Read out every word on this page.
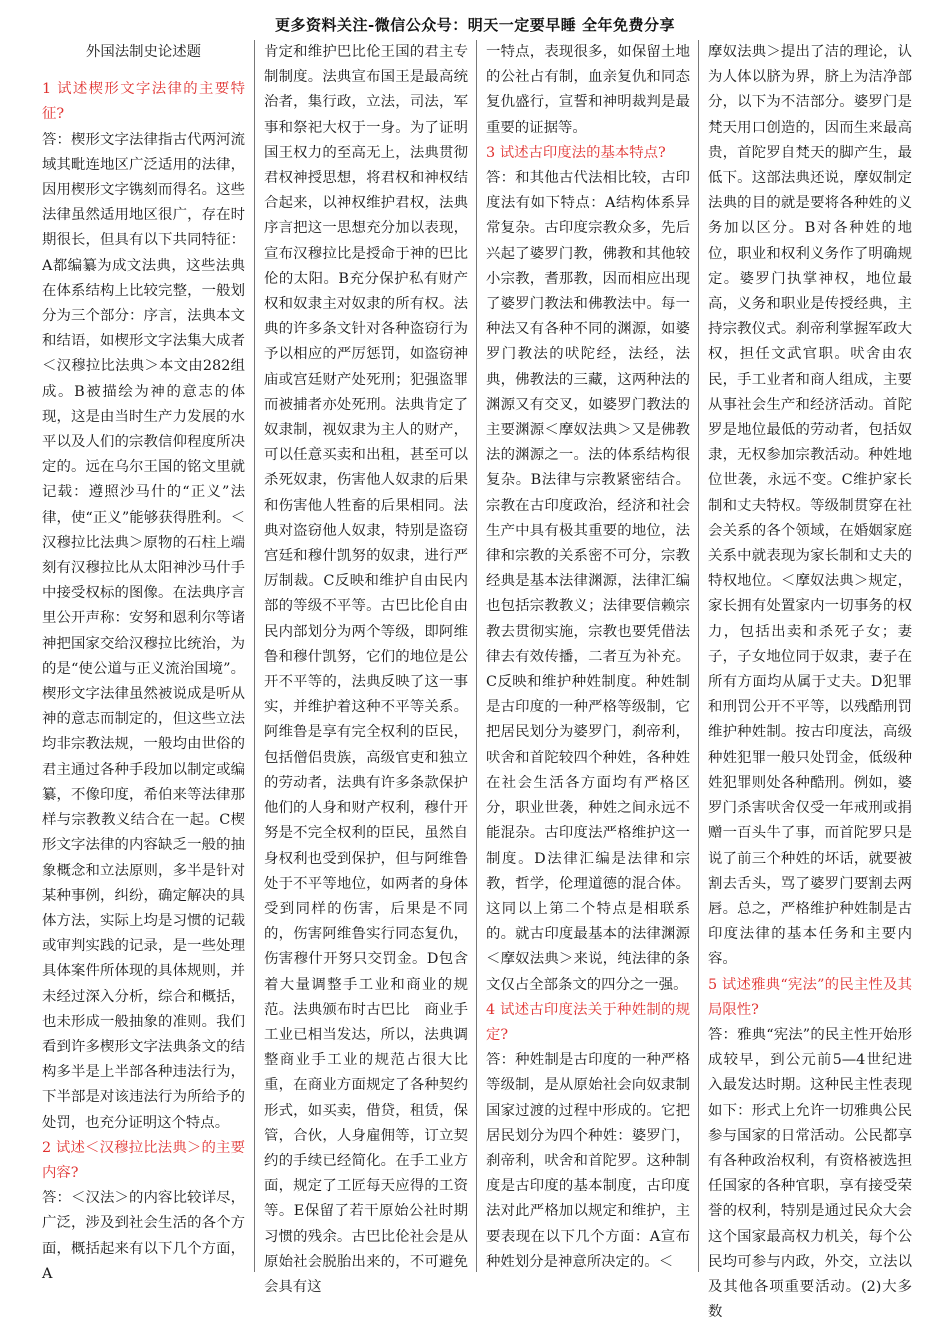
更多资料关注-微信公众号：明天一定要早睡 全年免费分享

外国法制史论述题

1 试述楔形文字法律的主要特征?

答：楔形文字法律指古代两河流域其毗连地区广泛适用的法律，因用楔形文字镌刻而得名。这些法律虽然适用地区很广，存在时期很长，但具有以下共同特征：A都编纂为成文法典，这些法典在体系结构上比较完整，一般划分为三个部分：序言，法典本文和结语，如楔形文字法集大成者＜汉穆拉比法典＞本文由282组成。B被描绘为神的意志的体现，这是由当时生产力发展的水平以及人们的宗教信仰程度所决定的。远在乌尔王国的铭文里就记载：遵照沙马什的“正义”法律，使“正义”能够获得胜利。＜汉穆拉比法典＞原物的石柱上端刻有汉穆拉比从太阳神沙马什手中接受权标的图像。在法典序言里公开声称：安努和恩利尔等诸神把国家交给汉穆拉比统治，为的是“使公道与正义流治国境”。楔形文字法律虽然被说成是听从神的意志而制定的，但这些立法均非宗教法规，一般均由世俗的君主通过各种手段加以制定或编纂，不像印度，希伯来等法律那样与宗教教义结合在一起。C楔形文字法律的内容缺乏一般的抽象概念和立法原则，多半是针对某种事例，纠纷，确定解决的具体方法，实际上均是习惯的记载或审判实践的记录，是一些处理具体案件所体现的具体规则，并未经过深入分析，综合和概括，也未形成一般抽象的准则。我们看到许多楔形文字法典条文的结构多半是上半部各种违法行为，下半部是对该违法行为所给予的处罚，也充分证明这个特点。

2 试述＜汉穆拉比法典＞的主要内容?

答：＜汉法＞的内容比较详尽，广泛，涉及到社会生活的各个方面，概括起来有以下几个方面，A

肯定和维护巴比伦王国的君主专制制度。法典宣布国王是最高统治者，集行政，立法，司法，军事和祭祀大权于一身。为了证明国王权力的至高无上，法典贯彻君权神授思想，将君权和神权结合起来，以神权维护君权，法典序言把这一思想充分加以表现，宣布汉穆拉比是授命于神的巴比伦的太阳。B充分保护私有财产权和奴隶主对奴隶的所有权。法典的许多条文针对各种盗窃行为予以相应的严厉惩罚，如盗窃神庙或宫廷财产处死刑；犯强盗罪而被捕者亦处死刑。法典肯定了奴隶制，视奴隶为主人的财产，可以任意买卖和出租，甚至可以杀死奴隶，伤害他人奴隶的后果和伤害他人牲畜的后果相同。法典对盗窃他人奴隶，特别是盗窃宫廷和穆什凯努的奴隶，进行严厉制裁。C反映和维护自由民内部的等级不平等。古巴比伦自由民内部划分为两个等级，即阿维鲁和穆什凯努，它们的地位是公开不平等的，法典反映了这一事实，并维护着这种不平等关系。阿维鲁是享有完全权利的臣民，包括僧侣贵族，高级官吏和独立的劳动者，法典有许多条款保护他们的人身和财产权利，穆什开努是不完全权利的臣民，虽然自身权利也受到保护，但与阿维鲁处于不平等地位，如两者的身体受到同样的伤害，后果是不同的，伤害阿维鲁实行同态复仇，伤害穆什开努只交罚金。D包含着大量调整手工业和商业的规范。法典颁布时古巴比　商业手工业已相当发达，所以，法典调整商业手工业的规范占很大比重，在商业方面规定了各种契约形式，如买卖，借贷，租赁，保管，合伙，人身雇佣等，订立契约的手续已经简化。在手工业方面，规定了工匠每天应得的工资等。E保留了若干原始公社时期习惯的残余。古巴比伦社会是从原始社会脱胎出来的，不可避免会具有这

一特点，表现很多，如保留土地的公社占有制，血亲复仇和同态复仇盛行，宣誓和神明裁判是最重要的证据等。

3 试述古印度法的基本特点?

答：和其他古代法相比较，古印度法有如下特点：A结构体系异常复杂。古印度宗教众多，先后兴起了婆罗门教，佛教和其他较小宗教，耆那教，因而相应出现了婆罗门教法和佛教法中。每一种法又有各种不同的渊源，如婆罗门教法的吠陀经，法经，法典，佛教法的三藏，这两种法的渊源又有交叉，如婆罗门教法的主要渊源＜摩奴法典＞又是佛教法的渊源之一。法的体系结构很复杂。B法律与宗教紧密结合。宗教在古印度政治，经济和社会生产中具有极其重要的地位，法律和宗教的关系密不可分，宗教经典是基本法律渊源，法律汇编也包括宗教教义；法律要信赖宗教去贯彻实施，宗教也要凭借法律去有效传播，二者互为补充。C反映和维护种姓制度。种姓制是古印度的一种严格等级制，它把居民划分为婆罗门，刹帝利，吠舍和首陀较四个种姓，各种姓在社会生活各方面均有严格区分，职业世袭，种姓之间永远不能混杂。古印度法严格维护这一制度。D法律汇编是法律和宗教，哲学，伦理道德的混合体。这同以上第二个特点是相联系的。就古印度最基本的法律渊源＜摩奴法典＞来说，纯法律的条文仅占全部条文的四分之一强。

4 试述古印度法关于种姓制的规定?

答：种姓制是古印度的一种严格等级制，是从原始社会向奴隶制国家过渡的过程中形成的。它把居民划分为四个种姓：婆罗门，刹帝利，吠舍和首陀罗。这种制度是古印度的基本制度，古印度法对此严格加以规定和维护，主要表现在以下几个方面：A宣布种姓划分是神意所决定的。＜

摩奴法典＞提出了洁的理论，认为人体以脐为界，脐上为洁净部分，以下为不洁部分。婆罗门是梵天用口创造的，因而生来最高贵，首陀罗自梵天的脚产生，最低下。这部法典还说，摩奴制定法典的目的就是要将各种姓的义务加以区分。B对各种姓的地位，职业和权利义务作了明确规定。婆罗门执掌神权，地位最高，义务和职业是传授经典，主持宗教仪式。刹帝利掌握军政大权，担任文武官职。吠舍由农民，手工业者和商人组成，主要从事社会生产和经济活动。首陀罗是地位最低的劳动者，包括奴隶，无权参加宗教活动。种姓地位世袭，永远不变。C维护家长制和丈夫特权。等级制贯穿在社会关系的各个领域，在婚姻家庭关系中就表现为家长制和丈夫的特权地位。＜摩奴法典＞规定，家长拥有处置家内一切事务的权力，包括出卖和杀死子女；妻子，子女地位同于奴隶，妻子在所有方面均从属于丈夫。D犯罪和刑罚公开不平等，以残酷刑罚维护种姓制。按古印度法，高级种姓犯罪一般只处罚金，低级种姓犯罪则处各种酷刑。例如，婆罗门杀害吠舍仅受一年戒刑或捐赠一百头牛了事，而首陀罗只是说了前三个种姓的坏话，就要被割去舌头，骂了婆罗门要割去两唇。总之，严格维护种姓制是古印度法律的基本任务和主要内容。

5 试述雅典“宪法”的民主性及其局限性?

答：雅典“宪法”的民主性开始形成较早，到公元前5—4世纪进入最发达时期。这种民主性表现如下：形式上允许一切雅典公民参与国家的日常活动。公民都享有各种政治权利，有资格被选担任国家的各种官职，享有接受荣誉的权利，特别是通过民众大会这个国家最高权力机关，每个公民均可参与内政，外交，立法以及其他各项重要活动。(2)大多数
